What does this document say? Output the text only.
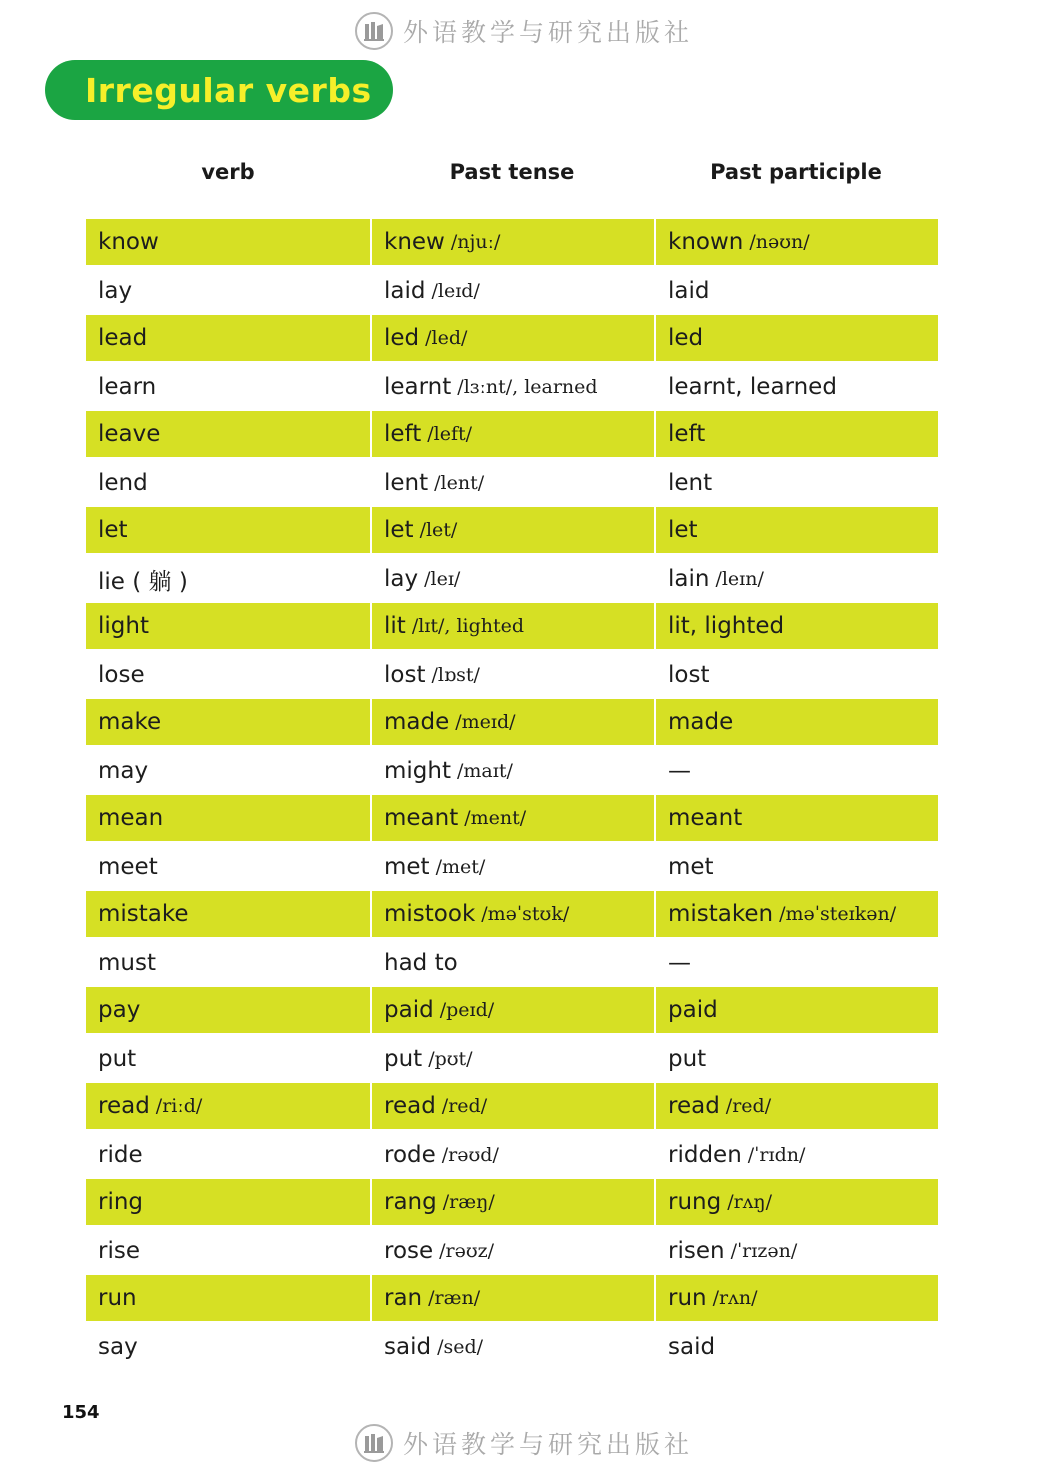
外语教学与研究出版社
Irregular verbs
verb	Past tense	Past participle
know	knew /njuː/	known /nəʊn/
lay	laid /leɪd/	laid
lead	led /led/	led
learn	learnt /lɜːnt/, learned	learnt, learned
leave	left /left/	left
lend	lent /lent/	lent
let	let /let/	let
lie ( 躺 )	lay /leɪ/	lain /leɪn/
light	lit /lɪt/, lighted	lit, lighted
lose	lost /lɒst/	lost
make	made /meɪd/	made
may	might /maɪt/	—
mean	meant /ment/	meant
meet	met /met/	met
mistake	mistook /məˈstʊk/	mistaken /məˈsteɪkən/
must	had to	—
pay	paid /peɪd/	paid
put	put /pʊt/	put
read /riːd/	read /red/	read /red/
ride	rode /rəʊd/	ridden /ˈrɪdn/
ring	rang /ræŋ/	rung /rʌŋ/
rise	rose /rəʊz/	risen /ˈrɪzən/
run	ran /ræn/	run /rʌn/
say	said /sed/	said
154
外语教学与研究出版社
